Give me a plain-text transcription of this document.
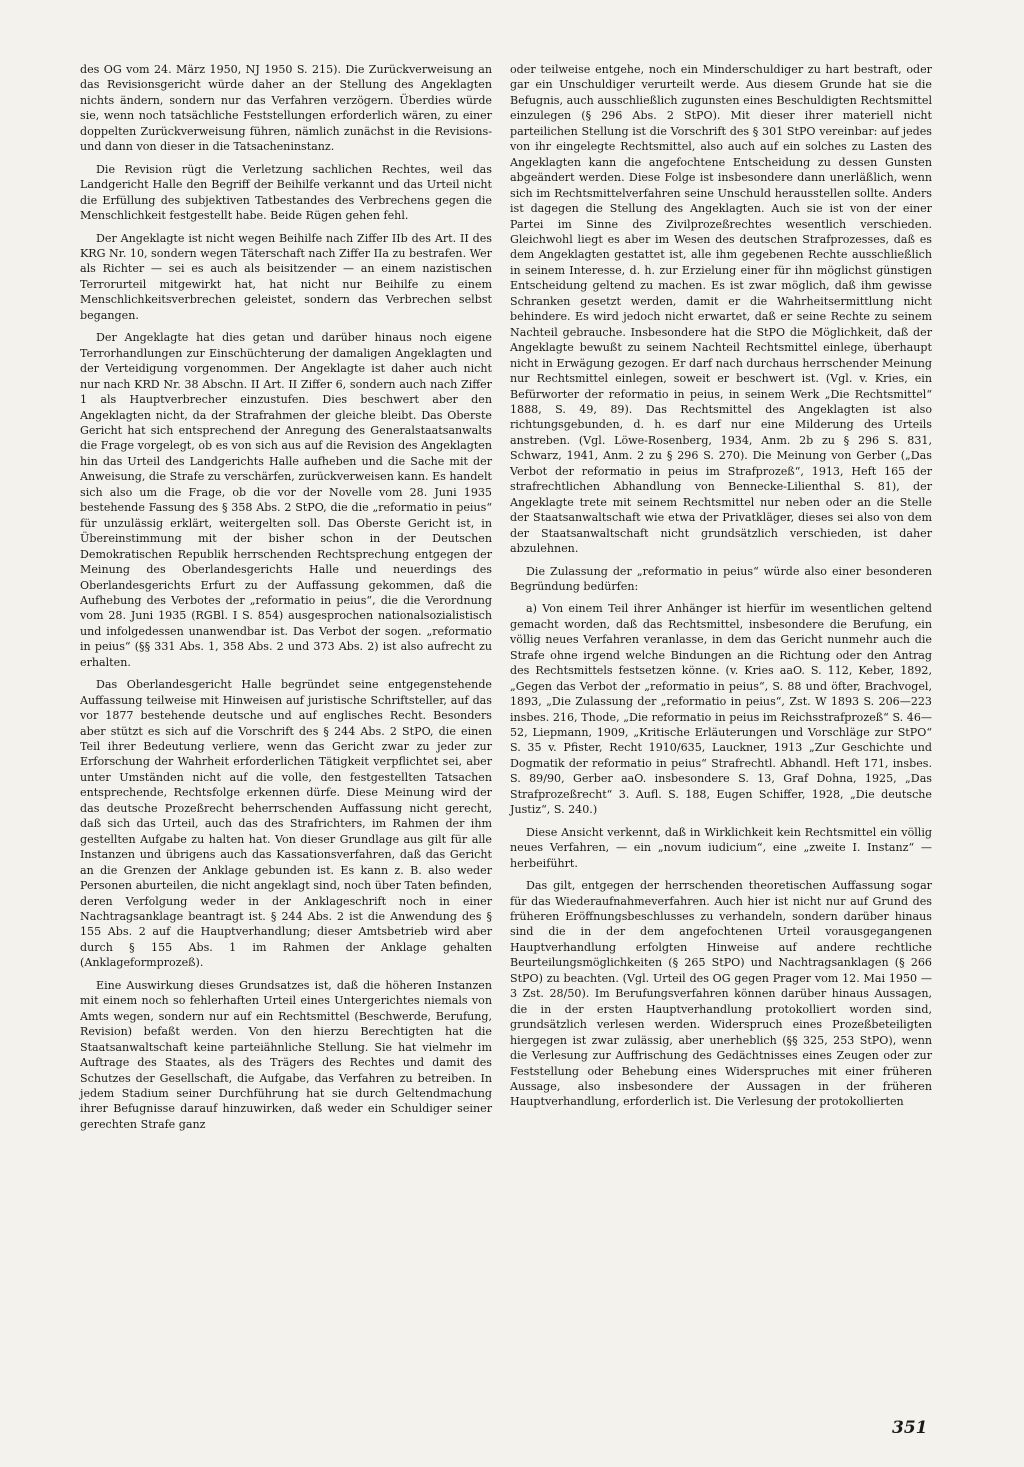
des OG vom 24. März 1950, NJ 1950 S. 215). Die Zurückverweisung an das Revisionsgericht würde daher an der Stellung des Angeklagten nichts ändern, sondern nur das Verfahren verzögern. Überdies würde sie, wenn noch tatsächliche Feststellungen erforderlich wären, zu einer doppelten Zurückverweisung führen, nämlich zunächst in die Revisions- und dann von dieser in die Tatsacheninstanz.

Die Revision rügt die Verletzung sachlichen Rechtes, weil das Landgericht Halle den Begriff der Beihilfe verkannt und das Urteil nicht die Erfüllung des subjektiven Tatbestandes des Verbrechens gegen die Menschlichkeit festgestellt habe. Beide Rügen gehen fehl.

Der Angeklagte ist nicht wegen Beihilfe nach Ziffer IIb des Art. II des KRG Nr. 10, sondern wegen Täterschaft nach Ziffer IIa zu bestrafen. Wer als Richter — sei es auch als beisitzender — an einem nazistischen Terrorurteil mitgewirkt hat, hat nicht nur Beihilfe zu einem Menschlichkeitsverbrechen geleistet, sondern das Verbrechen selbst begangen.

Der Angeklagte hat dies getan und darüber hinaus noch eigene Terrorhandlungen zur Einschüchterung der damaligen Angeklagten und der Verteidigung vorgenommen. Der Angeklagte ist daher auch nicht nur nach KRD Nr. 38 Abschn. II Art. II Ziffer 6, sondern auch nach Ziffer 1 als Hauptverbrecher einzustufen. Dies beschwert aber den Angeklagten nicht, da der Strafrahmen der gleiche bleibt. Das Oberste Gericht hat sich entsprechend der Anregung des Generalstaatsanwalts die Frage vorgelegt, ob es von sich aus auf die Revision des Angeklagten hin das Urteil des Landgerichts Halle aufheben und die Sache mit der Anweisung, die Strafe zu verschärfen, zurückverweisen kann. Es handelt sich also um die Frage, ob die vor der Novelle vom 28. Juni 1935 bestehende Fassung des § 358 Abs. 2 StPO, die die „reformatio in peius“ für unzulässig erklärt, weitergelten soll. Das Oberste Gericht ist, in Übereinstimmung mit der bisher schon in der Deutschen Demokratischen Republik herrschenden Rechtsprechung entgegen der Meinung des Oberlandesgerichts Halle und neuerdings des Oberlandesgerichts Erfurt zu der Auffassung gekommen, daß die Aufhebung des Verbotes der „reformatio in peius“, die die Verordnung vom 28. Juni 1935 (RGBl. I S. 854) ausgesprochen nationalsozialistisch und infolgedessen unanwendbar ist. Das Verbot der sogen. „reformatio in peius“ (§§ 331 Abs. 1, 358 Abs. 2 und 373 Abs. 2) ist also aufrecht zu erhalten.

Das Oberlandesgericht Halle begründet seine entgegenstehende Auffassung teilweise mit Hinweisen auf juristische Schriftsteller, auf das vor 1877 bestehende deutsche und auf englisches Recht. Besonders aber stützt es sich auf die Vorschrift des § 244 Abs. 2 StPO, die einen Teil ihrer Bedeutung verliere, wenn das Gericht zwar zu jeder zur Erforschung der Wahrheit erforderlichen Tätigkeit verpflichtet sei, aber unter Umständen nicht auf die volle, den festgestellten Tatsachen entsprechende, Rechtsfolge erkennen dürfe. Diese Meinung wird der das deutsche Prozeßrecht beherrschenden Auffassung nicht gerecht, daß sich das Urteil, auch das des Strafrichters, im Rahmen der ihm gestellten Aufgabe zu halten hat. Von dieser Grundlage aus gilt für alle Instanzen und übrigens auch das Kassationsverfahren, daß das Gericht an die Grenzen der Anklage gebunden ist. Es kann z. B. also weder Personen aburteilen, die nicht angeklagt sind, noch über Taten befinden, deren Verfolgung weder in der Anklageschrift noch in einer Nachtragsanklage beantragt ist. § 244 Abs. 2 ist die Anwendung des § 155 Abs. 2 auf die Hauptverhandlung; dieser Amtsbetrieb wird aber durch § 155 Abs. 1 im Rahmen der Anklage gehalten (Anklageformprozeß).

Eine Auswirkung dieses Grundsatzes ist, daß die höheren Instanzen mit einem noch so fehlerhaften Urteil eines Untergerichtes niemals von Amts wegen, sondern nur auf ein Rechtsmittel (Beschwerde, Berufung, Revision) befaßt werden. Von den hierzu Berechtigten hat die Staatsanwaltschaft keine parteiähnliche Stellung. Sie hat vielmehr im Auftrage des Staates, als des Trägers des Rechtes und damit des Schutzes der Gesellschaft, die Aufgabe, das Verfahren zu betreiben. In jedem Stadium seiner Durchführung hat sie durch Geltendmachung ihrer Befugnisse darauf hinzuwirken, daß weder ein Schuldiger seiner gerechten Strafe ganz

oder teilweise entgehe, noch ein Minderschuldiger zu hart bestraft, oder gar ein Unschuldiger verurteilt werde. Aus diesem Grunde hat sie die Befugnis, auch ausschließlich zugunsten eines Beschuldigten Rechtsmittel einzulegen (§ 296 Abs. 2 StPO). Mit dieser ihrer materiell nicht parteilichen Stellung ist die Vorschrift des § 301 StPO vereinbar: auf jedes von ihr eingelegte Rechtsmittel, also auch auf ein solches zu Lasten des Angeklagten kann die angefochtene Entscheidung zu dessen Gunsten abgeändert werden. Diese Folge ist insbesondere dann unerläßlich, wenn sich im Rechtsmittelverfahren seine Unschuld herausstellen sollte. Anders ist dagegen die Stellung des Angeklagten. Auch sie ist von der einer Partei im Sinne des Zivilprozeßrechtes wesentlich verschieden. Gleichwohl liegt es aber im Wesen des deutschen Strafprozesses, daß es dem Angeklagten gestattet ist, alle ihm gegebenen Rechte ausschließlich in seinem Interesse, d. h. zur Erzielung einer für ihn möglichst günstigen Entscheidung geltend zu machen. Es ist zwar möglich, daß ihm gewisse Schranken gesetzt werden, damit er die Wahrheitsermittlung nicht behindere. Es wird jedoch nicht erwartet, daß er seine Rechte zu seinem Nachteil gebrauche. Insbesondere hat die StPO die Möglichkeit, daß der Angeklagte bewußt zu seinem Nachteil Rechtsmittel einlege, überhaupt nicht in Erwägung gezogen. Er darf nach durchaus herrschender Meinung nur Rechtsmittel einlegen, soweit er beschwert ist. (Vgl. v. Kries, ein Befürworter der reformatio in peius, in seinem Werk „Die Rechtsmittel“ 1888, S. 49, 89). Das Rechtsmittel des Angeklagten ist also richtungsgebunden, d. h. es darf nur eine Milderung des Urteils anstreben. (Vgl. Löwe-Rosenberg, 1934, Anm. 2b zu § 296 S. 831, Schwarz, 1941, Anm. 2 zu § 296 S. 270). Die Meinung von Gerber („Das Verbot der reformatio in peius im Strafprozeß“, 1913, Heft 165 der strafrechtlichen Abhandlung von Bennecke-Lilienthal S. 81), der Angeklagte trete mit seinem Rechtsmittel nur neben oder an die Stelle der Staatsanwaltschaft wie etwa der Privatkläger, dieses sei also von dem der Staatsanwaltschaft nicht grundsätzlich verschieden, ist daher abzulehnen.

Die Zulassung der „reformatio in peius“ würde also einer besonderen Begründung bedürfen:

a) Von einem Teil ihrer Anhänger ist hierfür im wesentlichen geltend gemacht worden, daß das Rechtsmittel, insbesondere die Berufung, ein völlig neues Verfahren veranlasse, in dem das Gericht nunmehr auch die Strafe ohne irgend welche Bindungen an die Richtung oder den Antrag des Rechtsmittels festsetzen könne. (v. Kries aaO. S. 112, Keber, 1892, „Gegen das Verbot der „reformatio in peius“, S. 88 und öfter, Brachvogel, 1893, „Die Zulassung der „reformatio in peius“, Zst. W 1893 S. 206—223 insbes. 216, Thode, „Die reformatio in peius im Reichsstrafprozeß“ S. 46—52, Liepmann, 1909, „Kritische Erläuterungen und Vorschläge zur StPO“ S. 35 v. Pfister, Recht 1910/635, Lauckner, 1913 „Zur Geschichte und Dogmatik der reformatio in peius“ Strafrechtl. Abhandl. Heft 171, insbes. S. 89/90, Gerber aaO. insbesondere S. 13, Graf Dohna, 1925, „Das Strafprozeßrecht“ 3. Aufl. S. 188, Eugen Schiffer, 1928, „Die deutsche Justiz“, S. 240.)

Diese Ansicht verkennt, daß in Wirklichkeit kein Rechtsmittel ein völlig neues Verfahren, — ein „novum iudicium“, eine „zweite I. Instanz“ — herbeiführt.

Das gilt, entgegen der herrschenden theoretischen Auffassung sogar für das Wiederaufnahmeverfahren. Auch hier ist nicht nur auf Grund des früheren Eröffnungsbeschlusses zu verhandeln, sondern darüber hinaus sind die in der dem angefochtenen Urteil vorausgegangenen Hauptverhandlung erfolgten Hinweise auf andere rechtliche Beurteilungsmöglichkeiten (§ 265 StPO) und Nachtragsanklagen (§ 266 StPO) zu beachten. (Vgl. Urteil des OG gegen Prager vom 12. Mai 1950 — 3 Zst. 28/50). Im Berufungsverfahren können darüber hinaus Aussagen, die in der ersten Hauptverhandlung protokolliert worden sind, grundsätzlich verlesen werden. Widerspruch eines Prozeßbeteiligten hiergegen ist zwar zulässig, aber unerheblich (§§ 325, 253 StPO), wenn die Verlesung zur Auffrischung des Gedächtnisses eines Zeugen oder zur Feststellung oder Behebung eines Widerspruches mit einer früheren Aussage, also insbesondere der Aussagen in der früheren Hauptverhandlung, erforderlich ist. Die Verlesung der protokollierten

351
